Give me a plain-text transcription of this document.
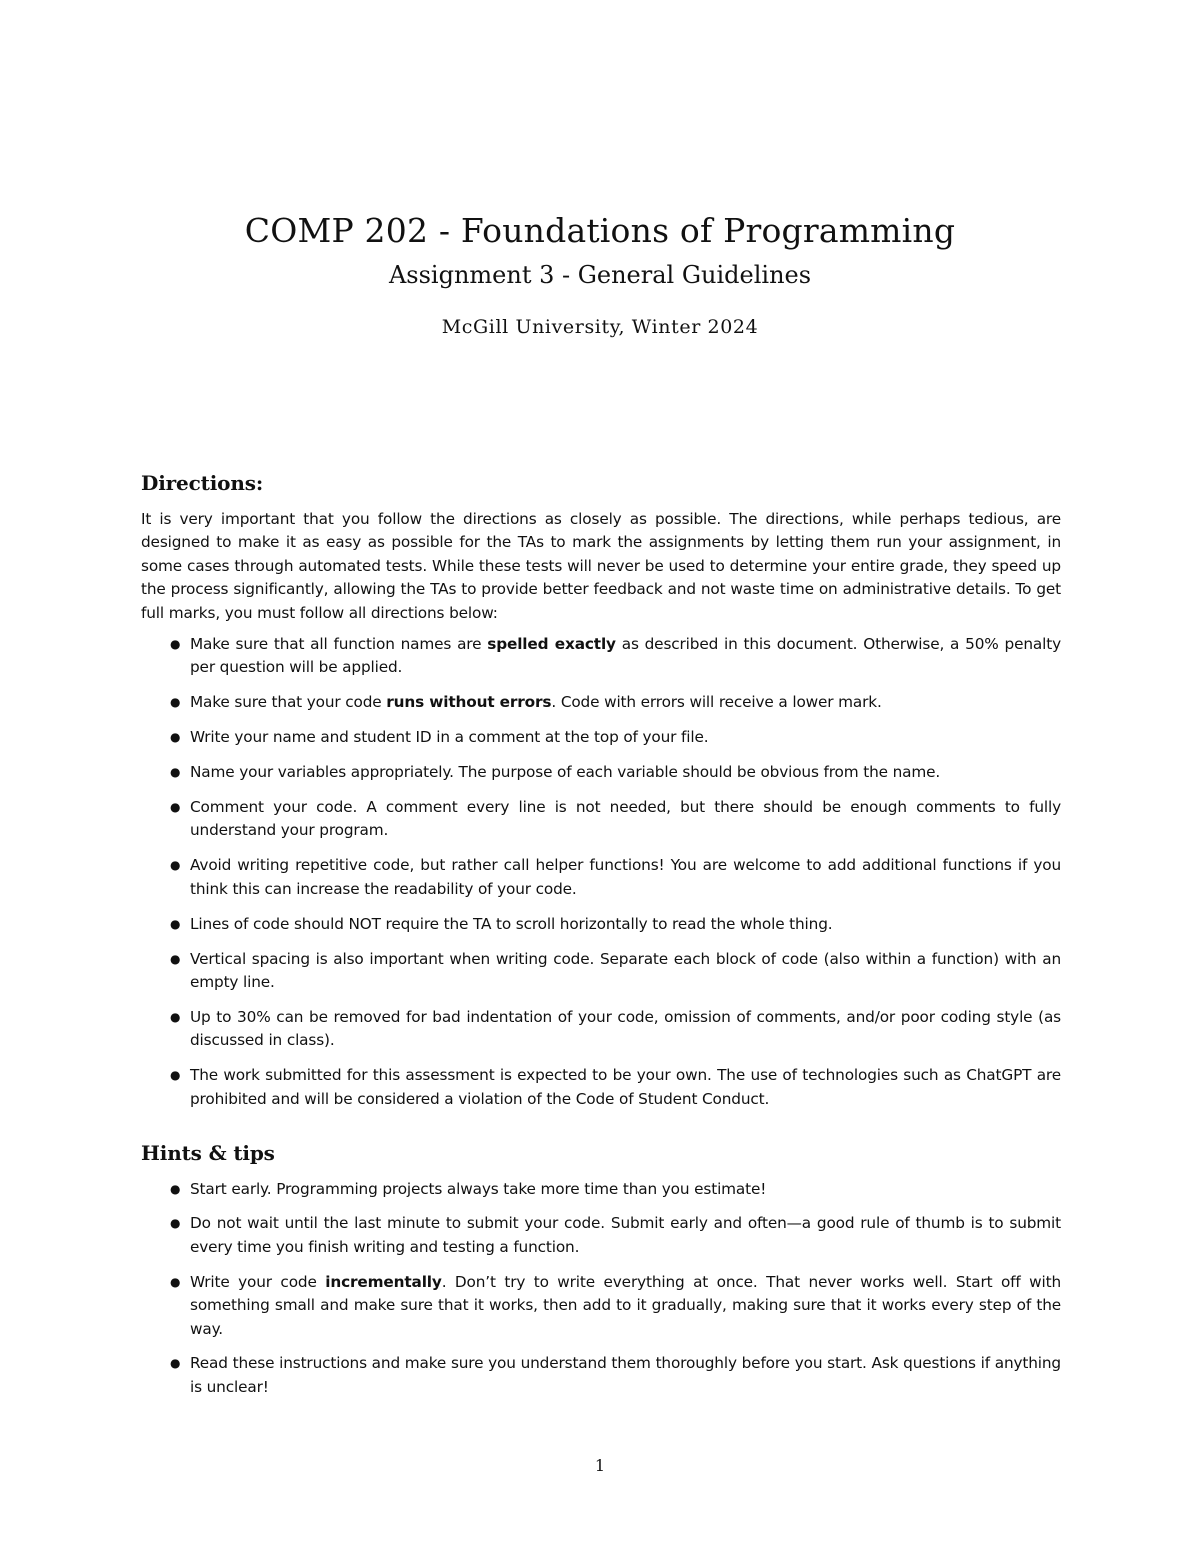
COMP 202 - Foundations of Programming
Assignment 3 - General Guidelines
McGill University, Winter 2024
Directions:

It is very important that you follow the directions as closely as possible. The directions, while perhaps tedious, are designed to make it as easy as possible for the TAs to mark the assignments by letting them run your assignment, in some cases through automated tests. While these tests will never be used to determine your entire grade, they speed up the process significantly, allowing the TAs to provide better feedback and not waste time on administrative details. To get full marks, you must follow all directions below:

● Make sure that all function names are spelled exactly as described in this document. Otherwise, a 50% penalty per question will be applied.
● Make sure that your code runs without errors. Code with errors will receive a lower mark.
● Write your name and student ID in a comment at the top of your file.
● Name your variables appropriately. The purpose of each variable should be obvious from the name.
● Comment your code. A comment every line is not needed, but there should be enough comments to fully understand your program.
● Avoid writing repetitive code, but rather call helper functions! You are welcome to add additional functions if you think this can increase the readability of your code.
● Lines of code should NOT require the TA to scroll horizontally to read the whole thing.
● Vertical spacing is also important when writing code. Separate each block of code (also within a function) with an empty line.
● Up to 30% can be removed for bad indentation of your code, omission of comments, and/or poor coding style (as discussed in class).
● The work submitted for this assessment is expected to be your own. The use of technologies such as ChatGPT are prohibited and will be considered a violation of the Code of Student Conduct.
Hints & tips
● Start early. Programming projects always take more time than you estimate!
● Do not wait until the last minute to submit your code. Submit early and often—a good rule of thumb is to submit every time you finish writing and testing a function.
● Write your code incrementally. Don’t try to write everything at once. That never works well. Start off with something small and make sure that it works, then add to it gradually, making sure that it works every step of the way.
● Read these instructions and make sure you understand them thoroughly before you start. Ask questions if anything is unclear!
1
